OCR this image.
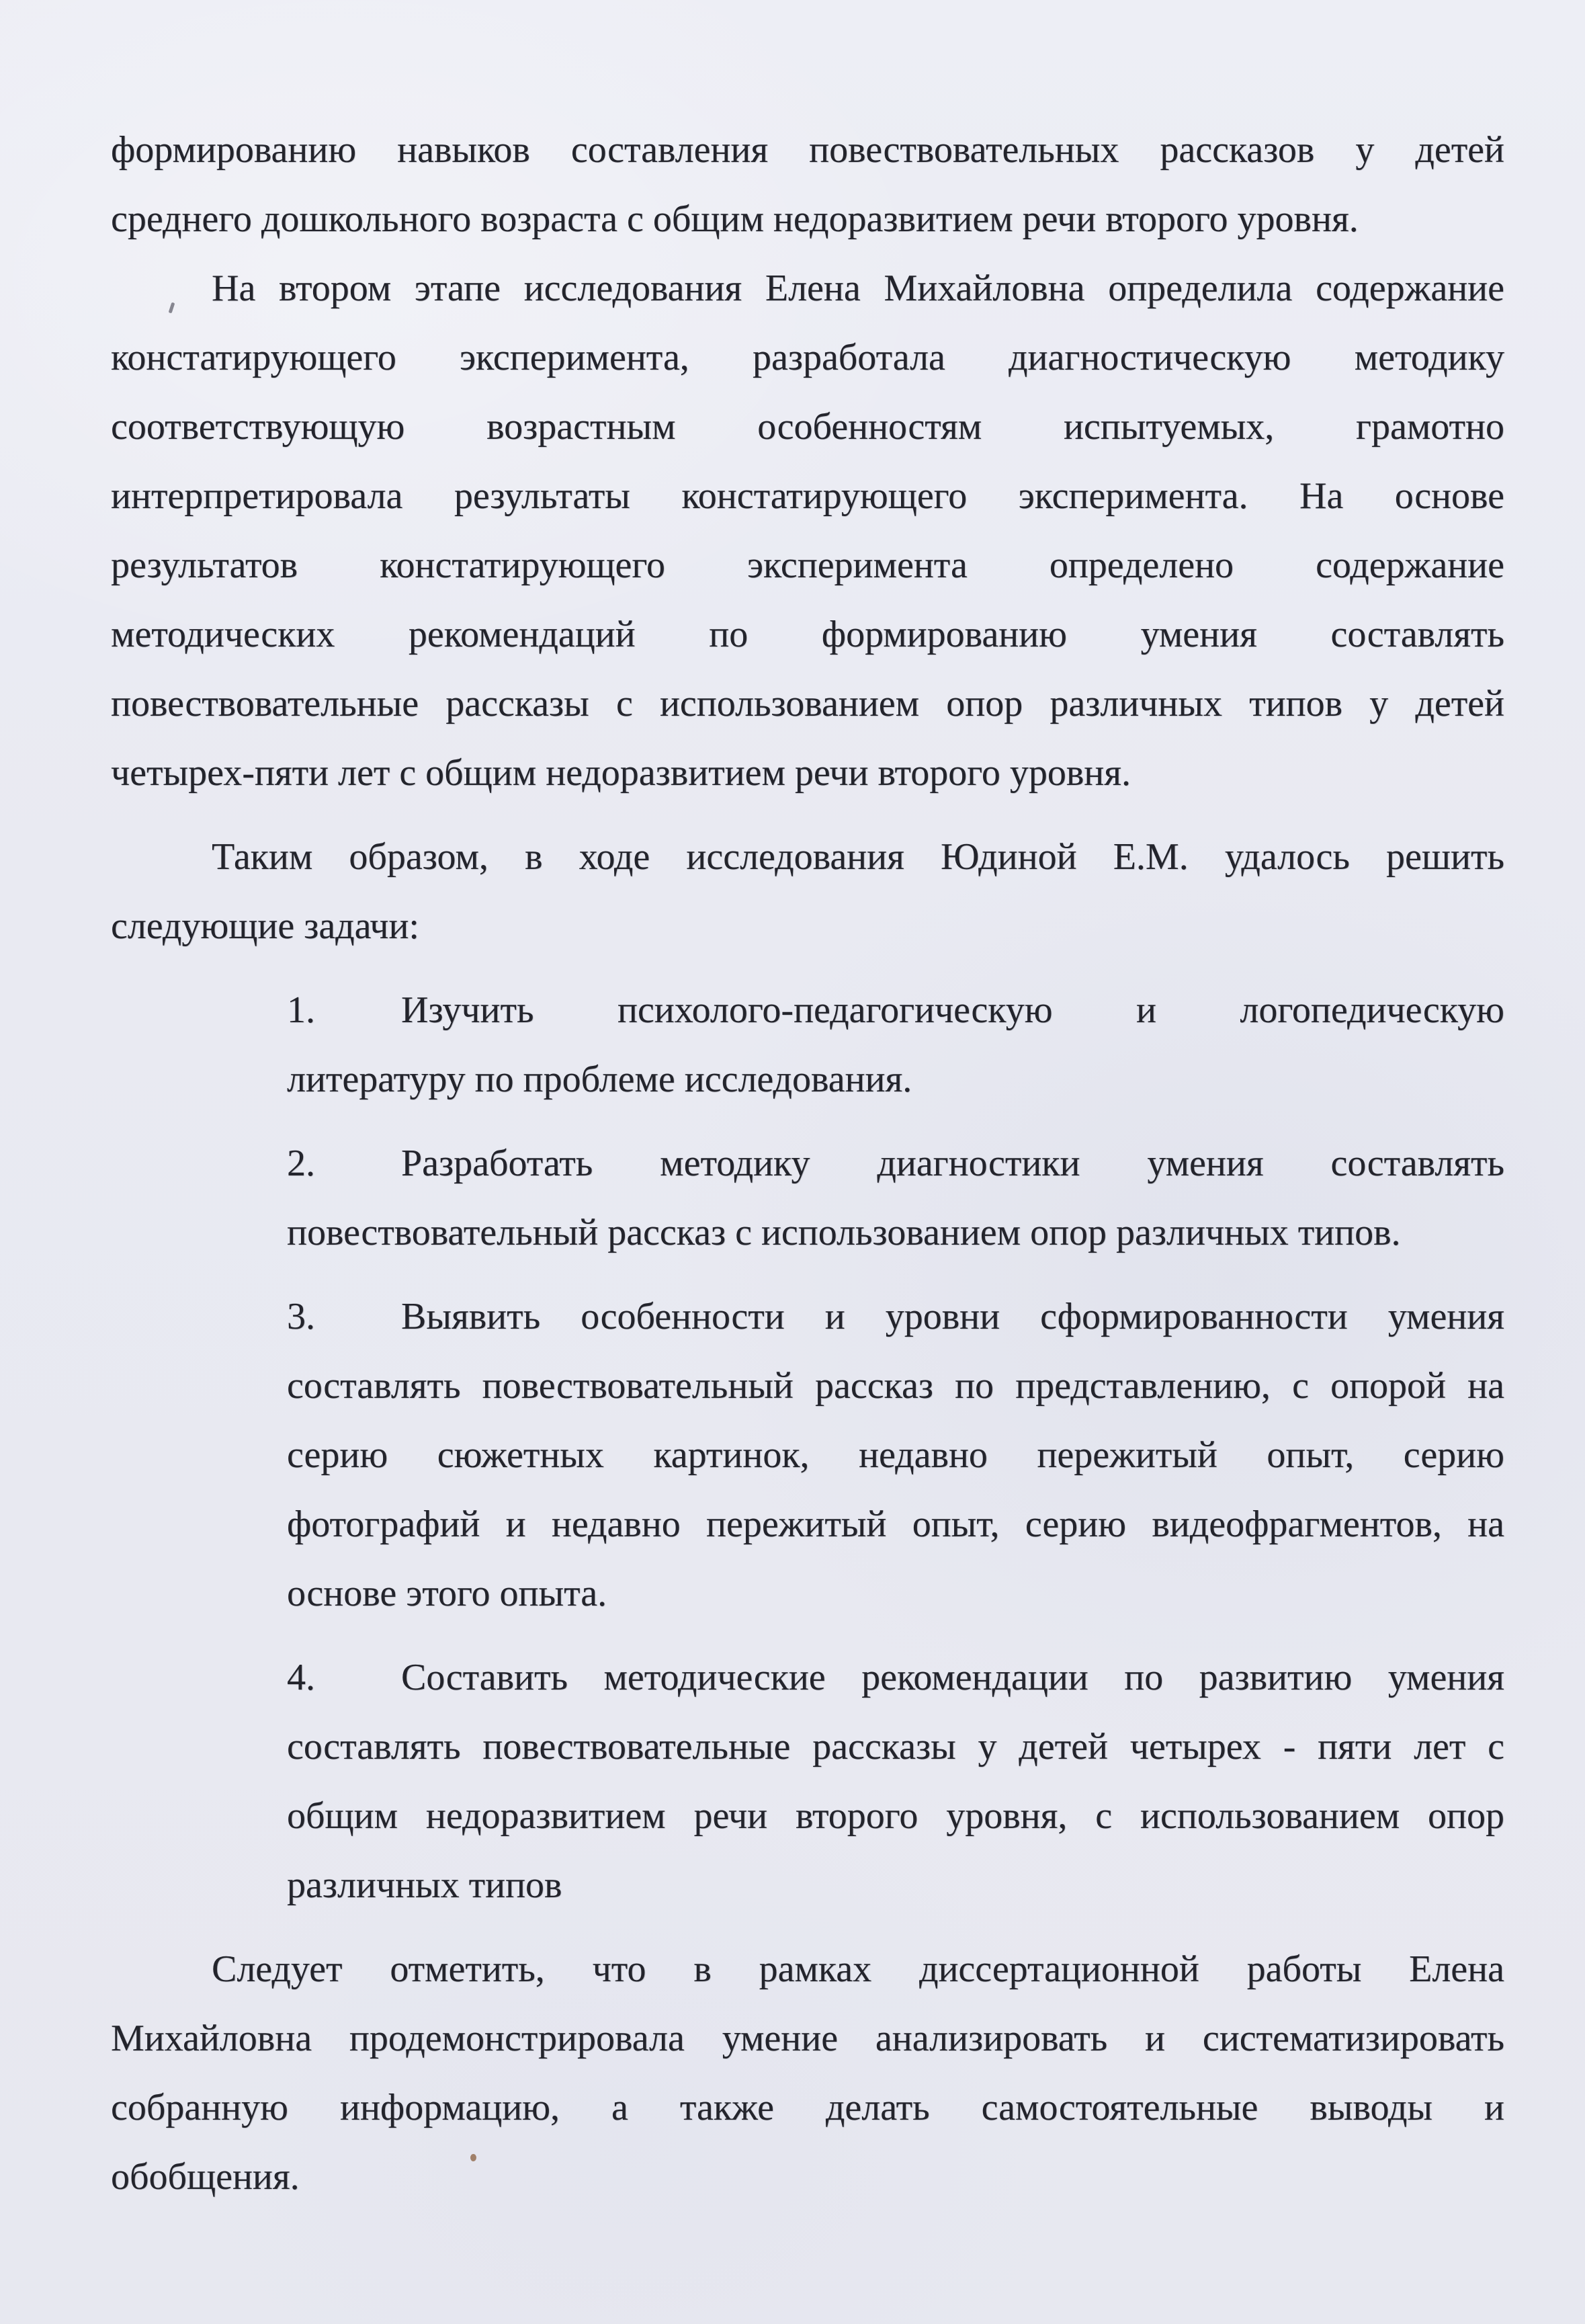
формированию навыков составления повествовательных рассказов у детей
среднего дошкольного возраста с общим недоразвитием речи второго уровня.
На втором этапе исследования Елена Михайловна определила содержание
констатирующего эксперимента, разработала диагностическую методику
соответствующую возрастным особенностям испытуемых, грамотно
интерпретировала результаты констатирующего эксперимента. На основе
результатов констатирующего эксперимента определено содержание
методических рекомендаций по формированию умения составлять
повествовательные рассказы с использованием опор различных типов у детей
четырех-пяти лет с общим недоразвитием речи второго уровня.
Таким образом, в ходе исследования Юдиной Е.М. удалось решить
следующие задачи:
1. Изучить психолого-педагогическую и логопедическую
литературу по проблеме исследования.
2. Разработать методику диагностики умения составлять
повествовательный рассказ с использованием опор различных типов.
3. Выявить особенности и уровни сформированности умения
составлять повествовательный рассказ по представлению, с опорой на
серию сюжетных картинок, недавно пережитый опыт, серию
фотографий и недавно пережитый опыт, серию видеофрагментов, на
основе этого опыта.
4. Составить методические рекомендации по развитию умения
составлять повествовательные рассказы у детей четырех - пяти лет с
общим недоразвитием речи второго уровня, с использованием опор
различных типов
Следует отметить, что в рамках диссертационной работы Елена
Михайловна продемонстрировала умение анализировать и систематизировать
собранную информацию, а также делать самостоятельные выводы и
обобщения.
